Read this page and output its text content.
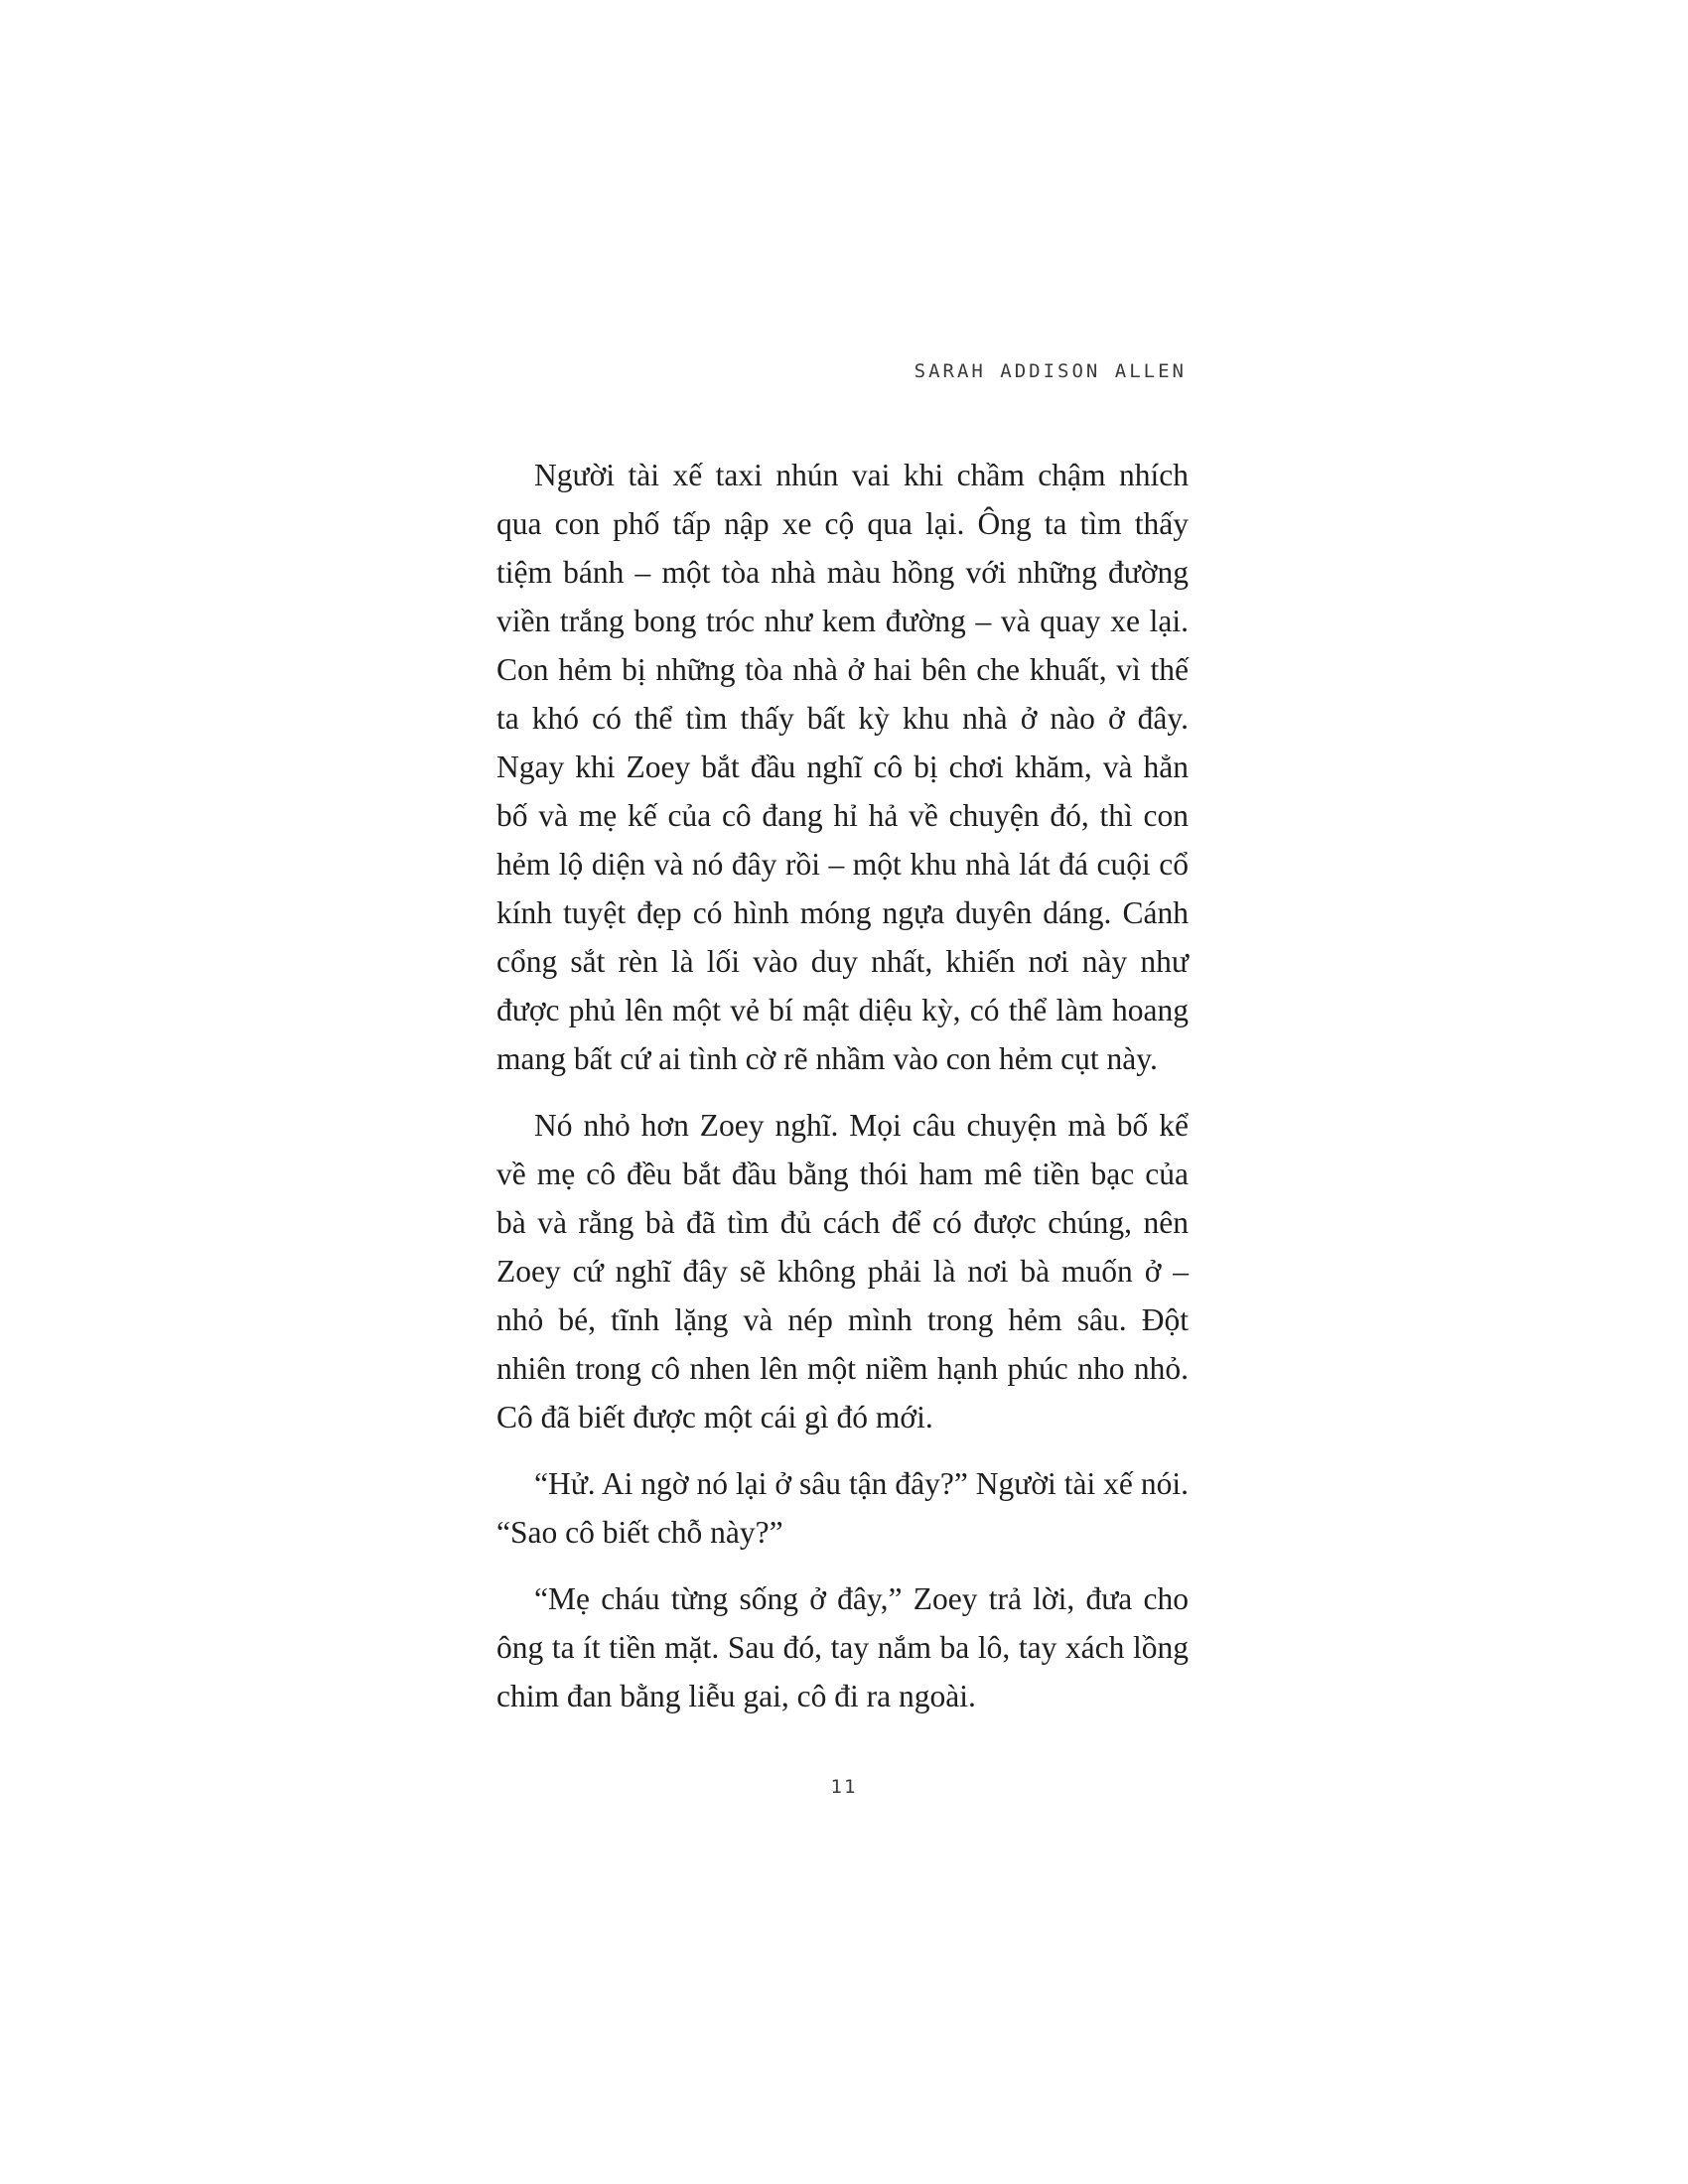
SARAH ADDISON ALLEN

Người tài xế taxi nhún vai khi chầm chậm nhích qua con phố tấp nập xe cộ qua lại. Ông ta tìm thấy tiệm bánh – một tòa nhà màu hồng với những đường viền trắng bong tróc như kem đường – và quay xe lại. Con hẻm bị những tòa nhà ở hai bên che khuất, vì thế ta khó có thể tìm thấy bất kỳ khu nhà ở nào ở đây. Ngay khi Zoey bắt đầu nghĩ cô bị chơi khăm, và hẳn bố và mẹ kế của cô đang hỉ hả về chuyện đó, thì con hẻm lộ diện và nó đây rồi – một khu nhà lát đá cuội cổ kính tuyệt đẹp có hình móng ngựa duyên dáng. Cánh cổng sắt rèn là lối vào duy nhất, khiến nơi này như được phủ lên một vẻ bí mật diệu kỳ, có thể làm hoang mang bất cứ ai tình cờ rẽ nhầm vào con hẻm cụt này.

Nó nhỏ hơn Zoey nghĩ. Mọi câu chuyện mà bố kể về mẹ cô đều bắt đầu bằng thói ham mê tiền bạc của bà và rằng bà đã tìm đủ cách để có được chúng, nên Zoey cứ nghĩ đây sẽ không phải là nơi bà muốn ở – nhỏ bé, tĩnh lặng và nép mình trong hẻm sâu. Đột nhiên trong cô nhen lên một niềm hạnh phúc nho nhỏ. Cô đã biết được một cái gì đó mới.

“Hử. Ai ngờ nó lại ở sâu tận đây?” Người tài xế nói. “Sao cô biết chỗ này?”

“Mẹ cháu từng sống ở đây,” Zoey trả lời, đưa cho ông ta ít tiền mặt. Sau đó, tay nắm ba lô, tay xách lồng chim đan bằng liễu gai, cô đi ra ngoài.

11
